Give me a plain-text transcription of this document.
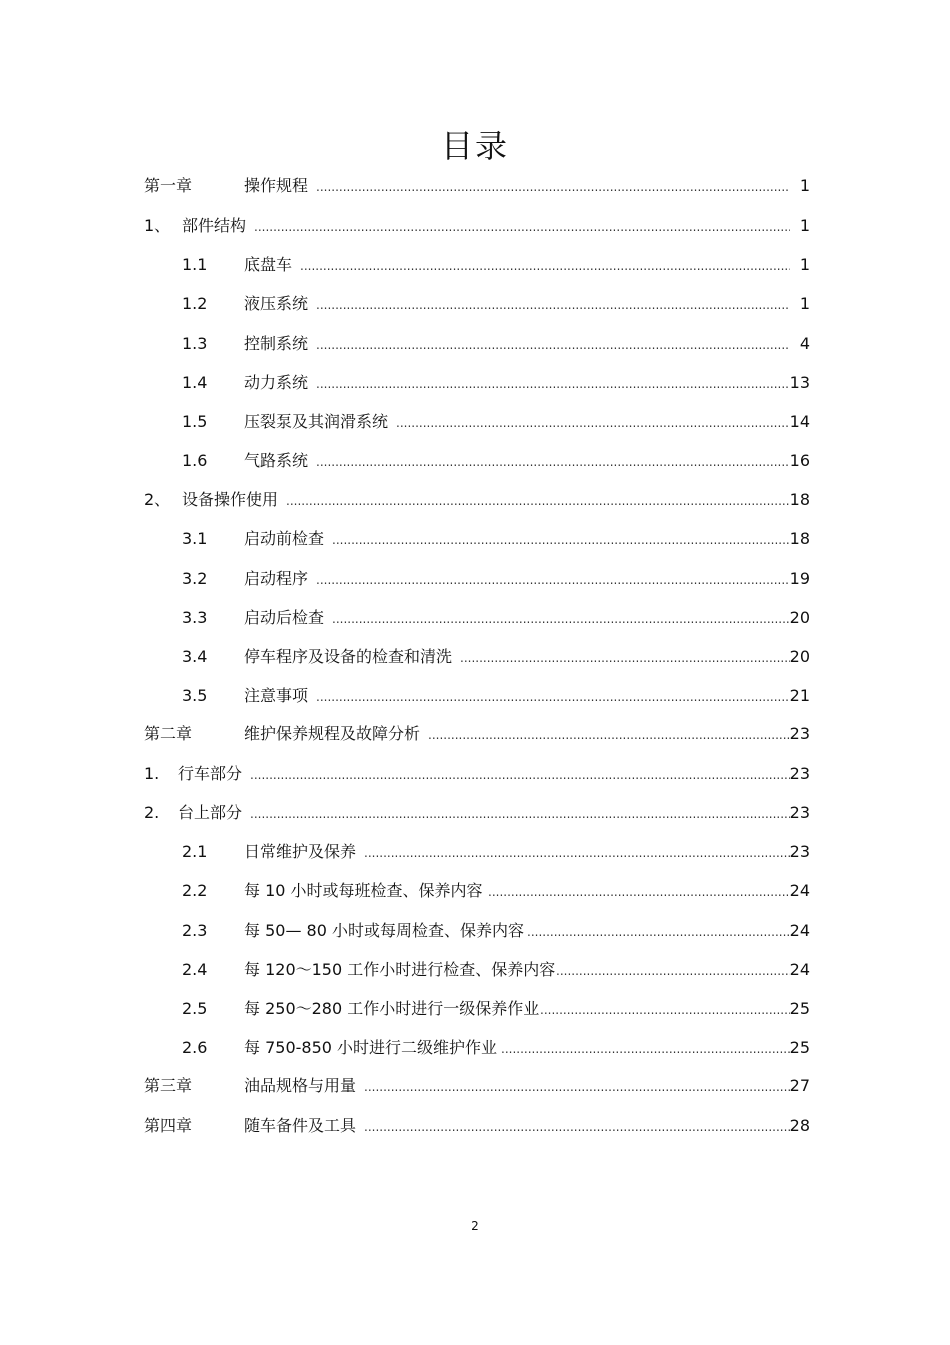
目录
第一章	操作规程 .....	1
1、 部件结构 .....	1
1.1 底盘车 .....	1
1.2 液压系统 .....	1
1.3 控制系统 .....	4
1.4 动力系统 .....	13
1.5 压裂泵及其润滑系统 .....	14
1.6 气路系统 .....	16
2、 设备操作使用 .....	18
3.1 启动前检查 .....	18
3.2 启动程序 .....	19
3.3 启动后检查 .....	20
3.4 停车程序及设备的检查和清洗 .....	20
3.5 注意事项 .....	21
第二章	维护保养规程及故障分析 .....	23
1. 行车部分 .....	23
2. 台上部分 .....	23
2.1 日常维护及保养 .....	23
2.2 每 10 小时或每班检查、保养内容 .....	24
2.3 每 50— 80 小时或每周检查、保养内容 .....	24
2.4 每 120～150 工作小时进行检查、保养内容 .....	24
2.5 每 250～280 工作小时进行一级保养作业 .....	25
2.6 每 750-850 小时进行二级维护作业 .....	25
第三章	油品规格与用量 .....	27
第四章	随车备件及工具 .....	28
2
